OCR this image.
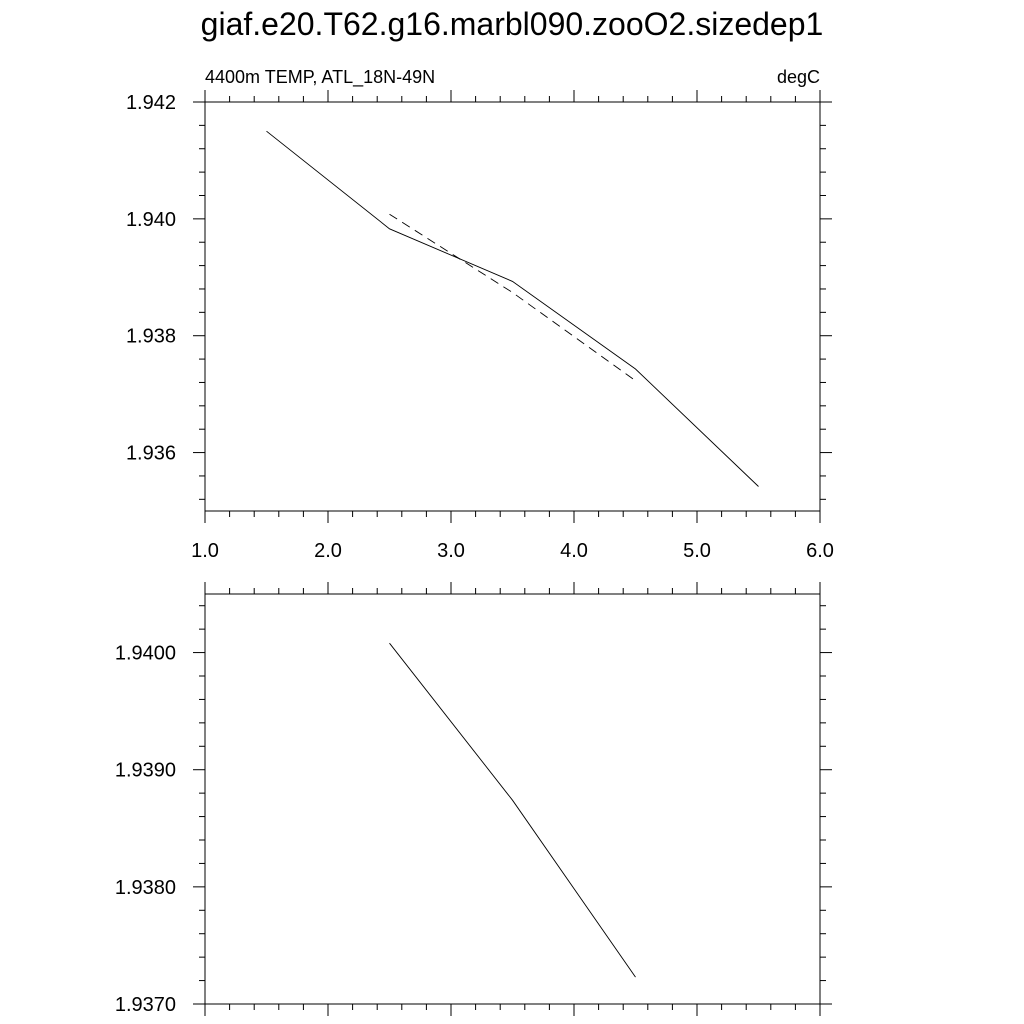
giaf.e20.T62.g16.marbl090.zooO2.sizedep1
4400m TEMP, ATL_18N-49N	degC
1.0	2.0	3.0	4.0	5.0	6.0
1.942
1.940
1.938
1.936
1.9400
1.9390
1.9380
1.9370
